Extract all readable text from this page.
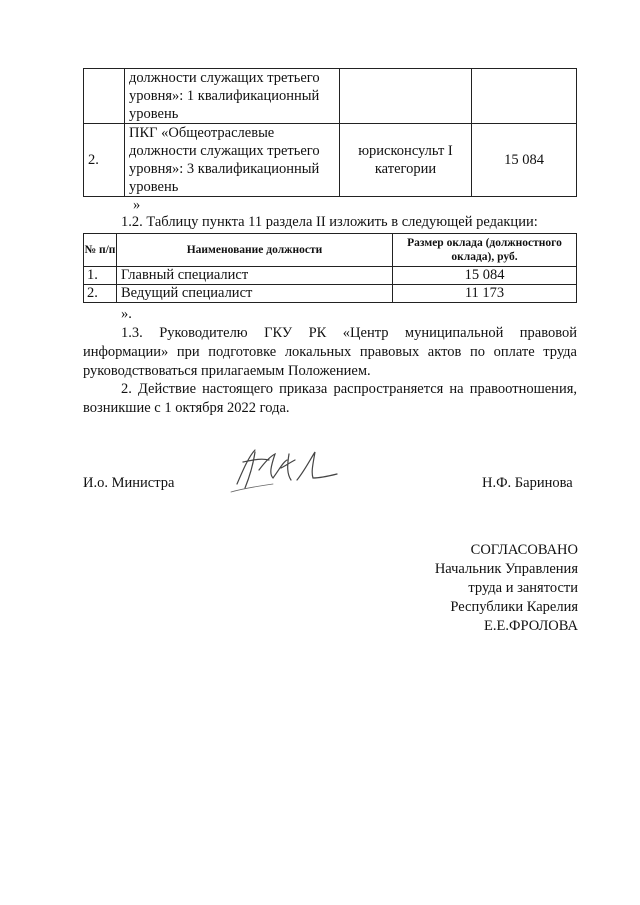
	должности служащих третьего уровня»: 1 квалификационный уровень		
2.	ПКГ «Общеотраслевые должности служащих третьего уровня»: 3 квалификационный уровень	юрисконсульт I категории	15 084
»
1.2. Таблицу пункта 11 раздела II изложить в следующей редакции:
№ п/п	Наименование должности	Размер оклада (должностного оклада), руб.
1.	Главный специалист	15 084
2.	Ведущий специалист	11 173
».
1.3. Руководителю ГКУ РК «Центр муниципальной правовой информации» при подготовке локальных правовых актов по оплате труда руководствоваться прилагаемым Положением.
2. Действие настоящего приказа распространяется на правоотношения, возникшие с 1 октября 2022 года.
И.о. Министра	Н.Ф. Баринова
СОГЛАСОВАНО
Начальник Управления
труда и занятости
Республики Карелия
Е.Е.ФРОЛОВА
